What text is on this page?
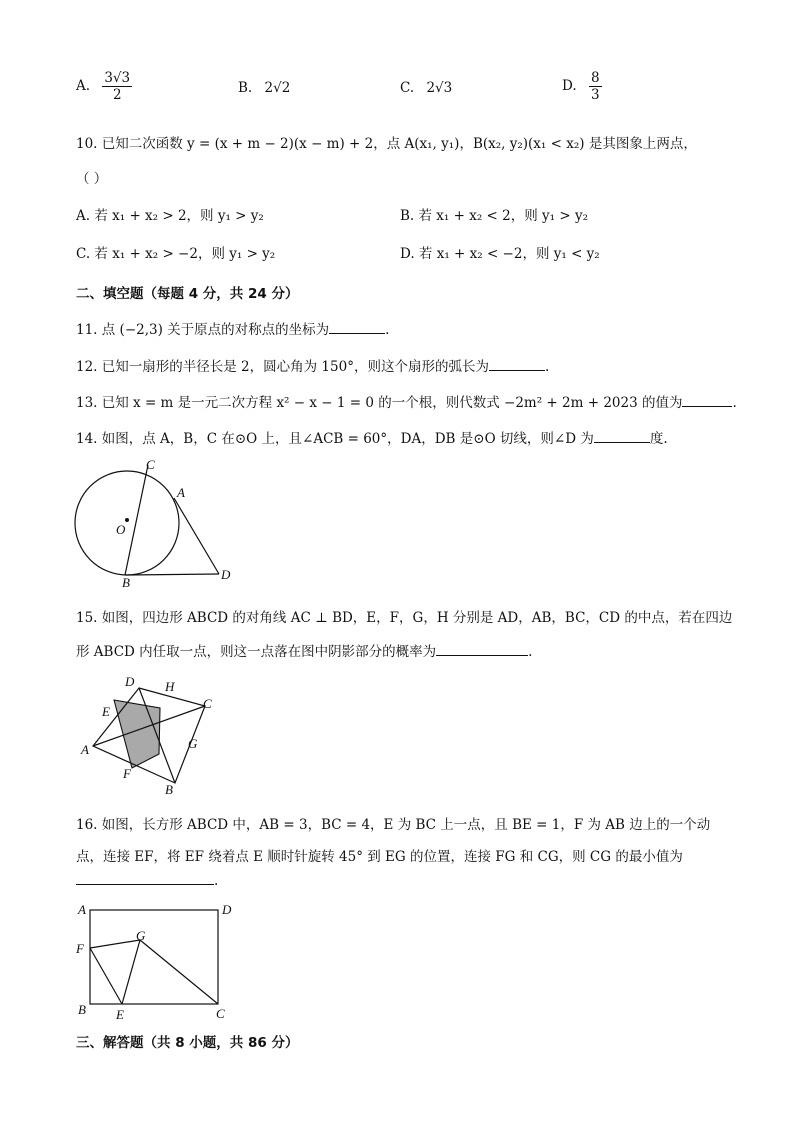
A. $\frac{3√3}{2}$	B. 2√2	C. 2√3	D. $\frac{8}{3}$
10. 已知二次函数 y = (x + m − 2)(x − m) + 2，点 A(x₁, y₁)，B(x₂, y₂)(x₁ < x₂) 是其图象上两点，
（ ）
A. 若 x₁ + x₂ > 2，则 y₁ > y₂	B. 若 x₁ + x₂ < 2，则 y₁ > y₂
C. 若 x₁ + x₂ > −2，则 y₁ > y₂	D. 若 x₁ + x₂ < −2，则 y₁ < y₂
二、填空题（每题 4 分，共 24 分）
11. 点 (−2,3) 关于原点的对称点的坐标为	.
12. 已知一扇形的半径长是 2，圆心角为 150°，则这个扇形的弧长为	.
13. 已知 x = m 是一元二次方程 x² − x − 1 = 0 的一个根，则代数式 −2m² + 2m + 2023 的值为	.
14. 如图，点 A，B，C 在⊙O 上，且∠ACB = 60°，DA，DB 是⊙O 切线，则∠D 为	度.
C
A
O
B
D
15. 如图，四边形 ABCD 的对角线 AC ⊥ BD，E，F，G，H 分别是 AD，AB，BC，CD 的中点，若在四边
形 ABCD 内任取一点，则这一点落在图中阴影部分的概率为	.
D H
C
E
G
A
F
B
16. 如图，长方形 ABCD 中，AB = 3，BC = 4，E 为 BC 上一点，且 BE = 1，F 为 AB 边上的一个动
点，连接 EF，将 EF 绕着点 E 顺时针旋转 45° 到 EG 的位置，连接 FG 和 CG，则 CG 的最小值为
.
A	D
F
G
B E	C
三、解答题（共 8 小题，共 86 分）
